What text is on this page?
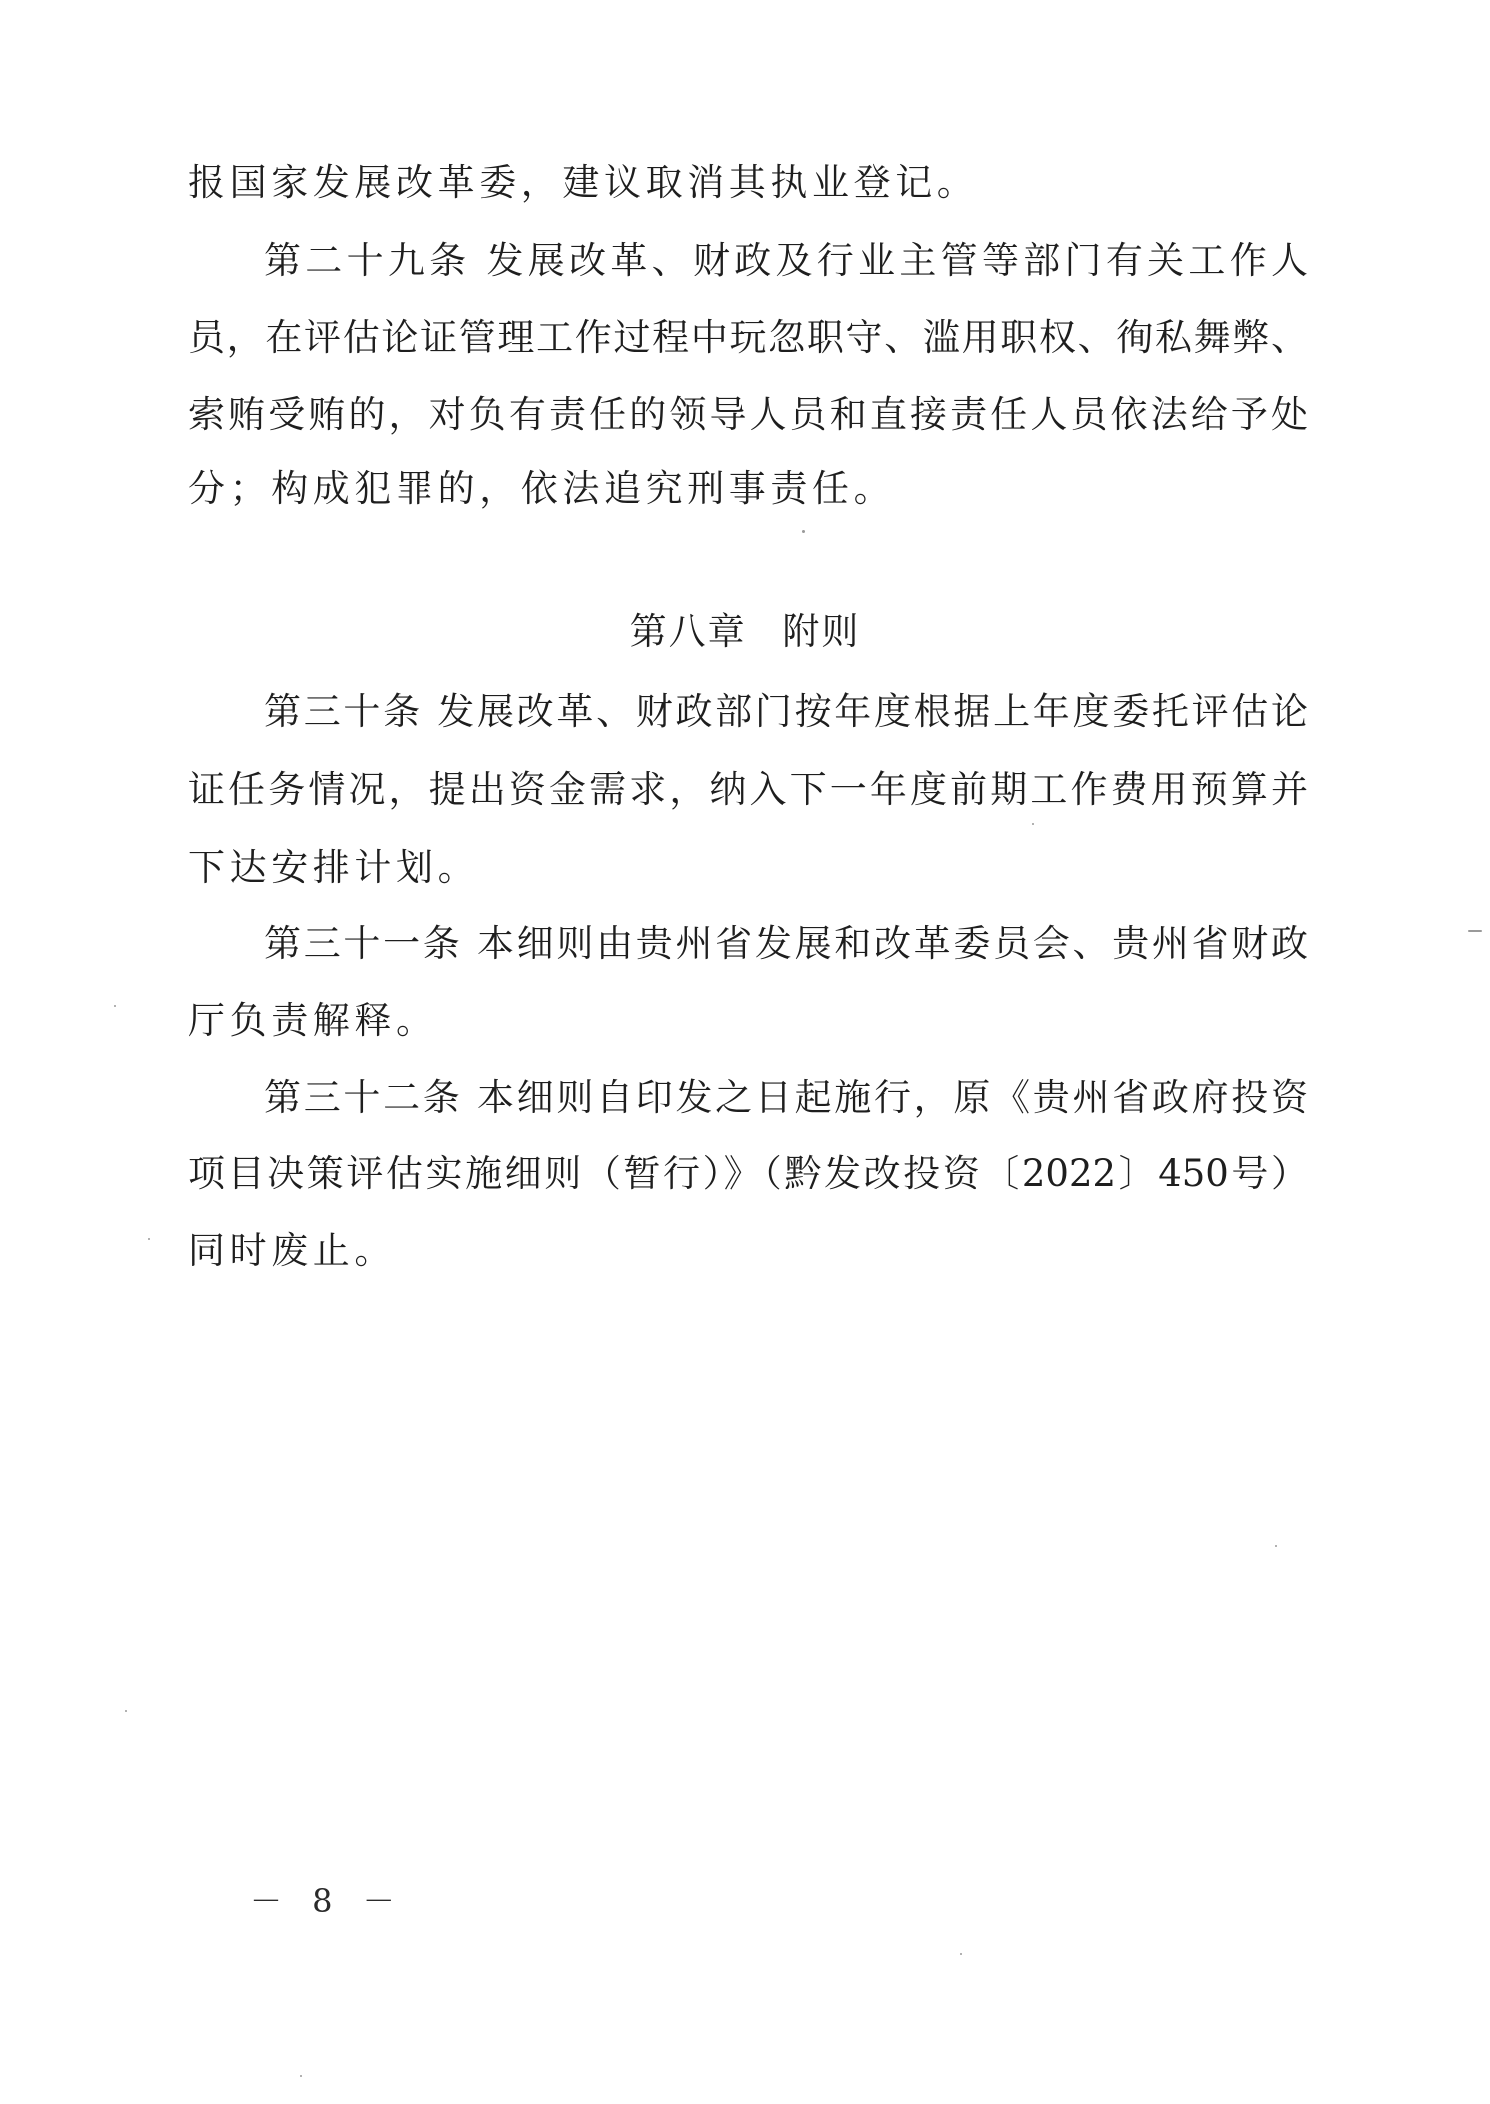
报国家发展改革委，建议取消其执业登记。
第二十九条 发展改革、财政及行业主管等部门有关工作人
员，在评估论证管理工作过程中玩忽职守、滥用职权、徇私舞弊、
索贿受贿的，对负有责任的领导人员和直接责任人员依法给予处
分；构成犯罪的，依法追究刑事责任。
第八章 附则
第三十条 发展改革、财政部门按年度根据上年度委托评估论
证任务情况，提出资金需求，纳入下一年度前期工作费用预算并
下达安排计划。
第三十一条 本细则由贵州省发展和改革委员会、贵州省财政
厅负责解释。
第三十二条 本细则自印发之日起施行，原《贵州省政府投资
项目决策评估实施细则（暂行）》（黔发改投资〔2022〕450号）
同时废止。
－ 8 －
